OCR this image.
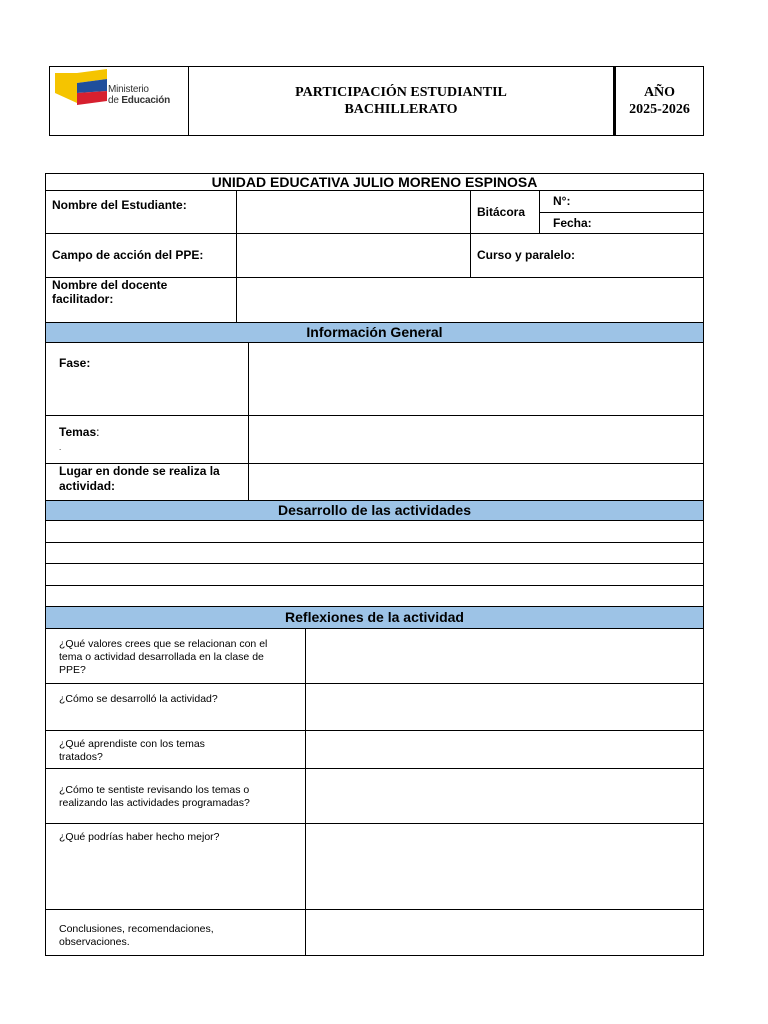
Ministerio
de Educación
PARTICIPACIÓN ESTUDIANTIL
BACHILLERATO
AÑO
2025-2026
UNIDAD EDUCATIVA JULIO MORENO ESPINOSA
Nombre del Estudiante:	Bitácora
N°:
Fecha:
Campo de acción del PPE:	Curso y paralelo:
Nombre del docente
facilitador:
Información General
Fase:
Temas:
.
Lugar en donde se realiza la
actividad:
Desarrollo de las actividades
Reflexiones de la actividad
¿Qué valores crees que se relacionan con el tema o actividad desarrollada en la clase de PPE?
¿Cómo se desarrolló la actividad?
¿Qué aprendiste con los temas tratados?
¿Cómo te sentiste revisando los temas o realizando las actividades programadas?
¿Qué podrías haber hecho mejor?
Conclusiones, recomendaciones, observaciones.
